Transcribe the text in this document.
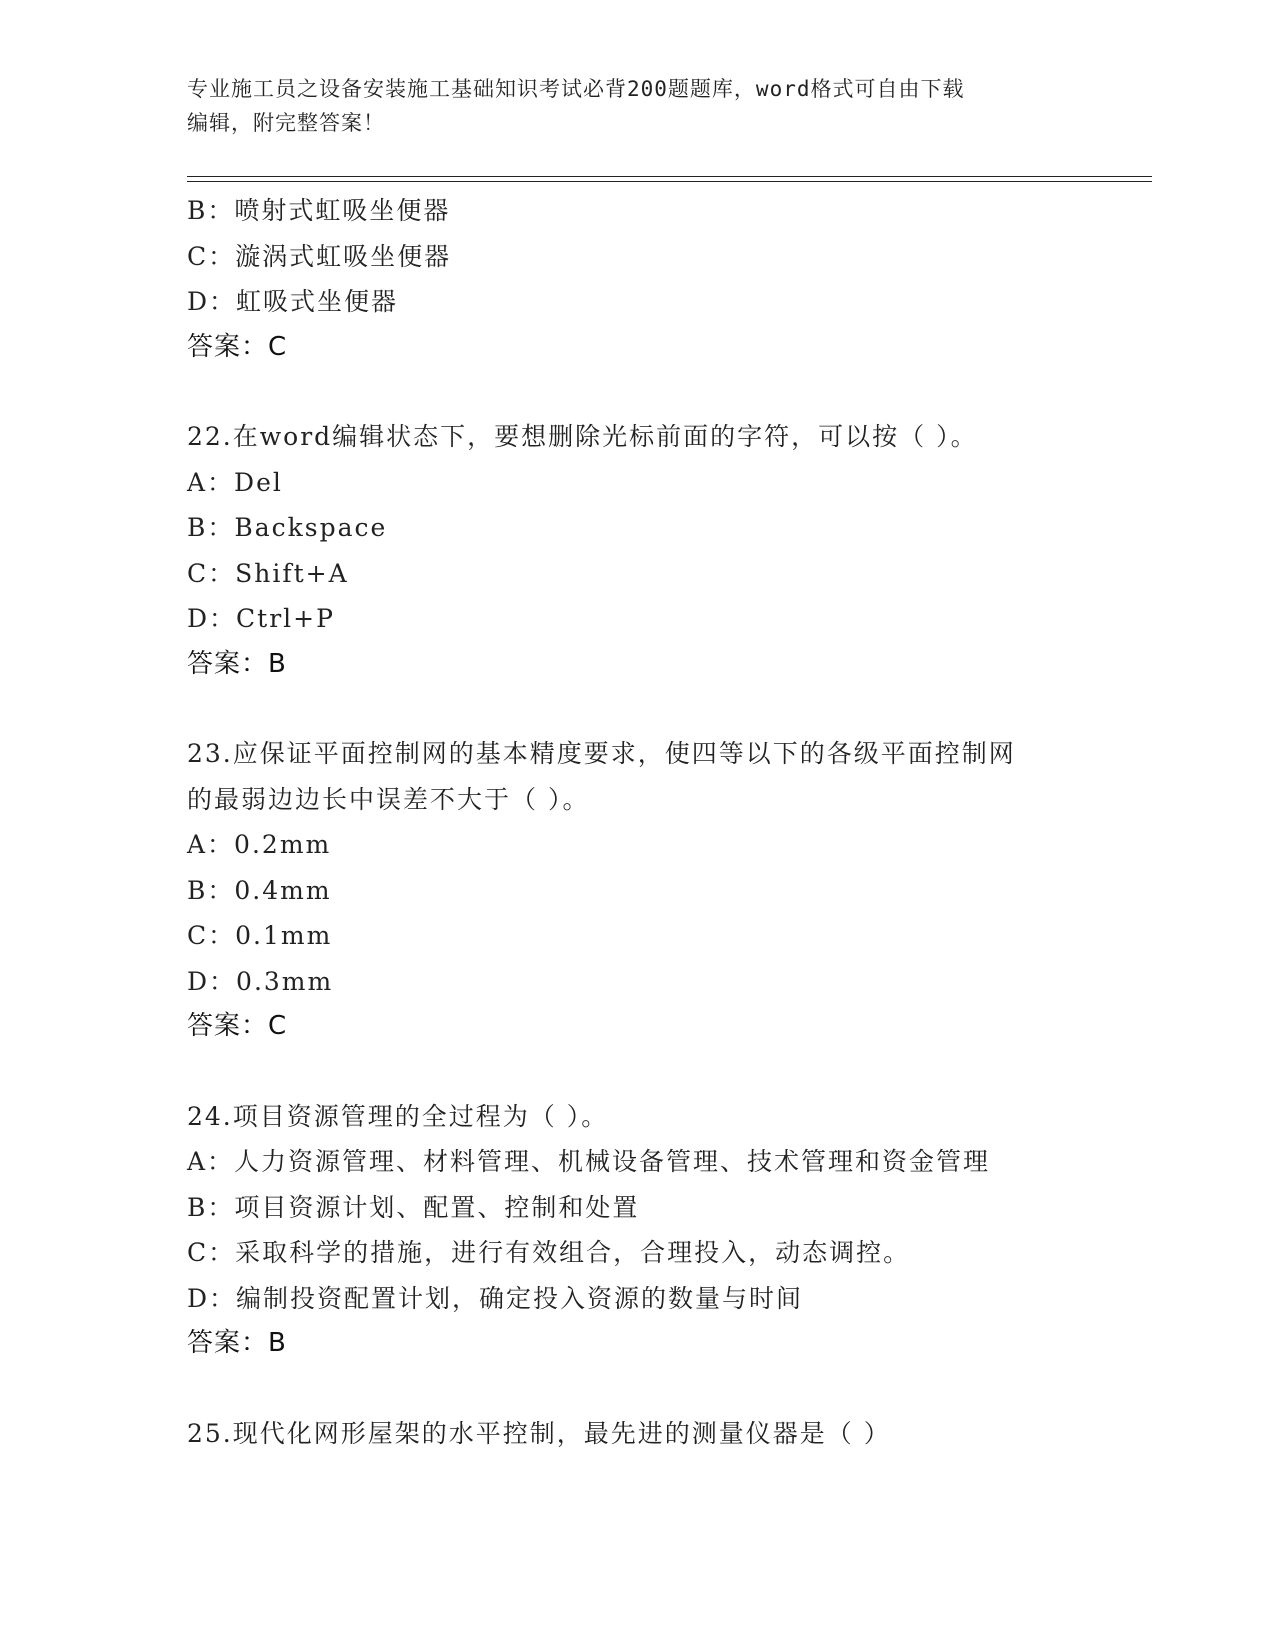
专业施工员之设备安装施工基础知识考试必背200题题库，word格式可自由下载
编辑，附完整答案！
B：喷射式虹吸坐便器
C：漩涡式虹吸坐便器
D：虹吸式坐便器
答案：C
22.在word编辑状态下，要想删除光标前面的字符，可以按（ ）。
A：Del
B：Backspace
C：Shift+A
D：Ctrl+P
答案：B
23.应保证平面控制网的基本精度要求，使四等以下的各级平面控制网
的最弱边边长中误差不大于（ ）。
A：0.2mm
B：0.4mm
C：0.1mm
D：0.3mm
答案：C
24.项目资源管理的全过程为（ ）。
A：人力资源管理、材料管理、机械设备管理、技术管理和资金管理
B：项目资源计划、配置、控制和处置
C：采取科学的措施，进行有效组合，合理投入，动态调控。
D：编制投资配置计划，确定投入资源的数量与时间
答案：B
25.现代化网形屋架的水平控制，最先进的测量仪器是（ ）
